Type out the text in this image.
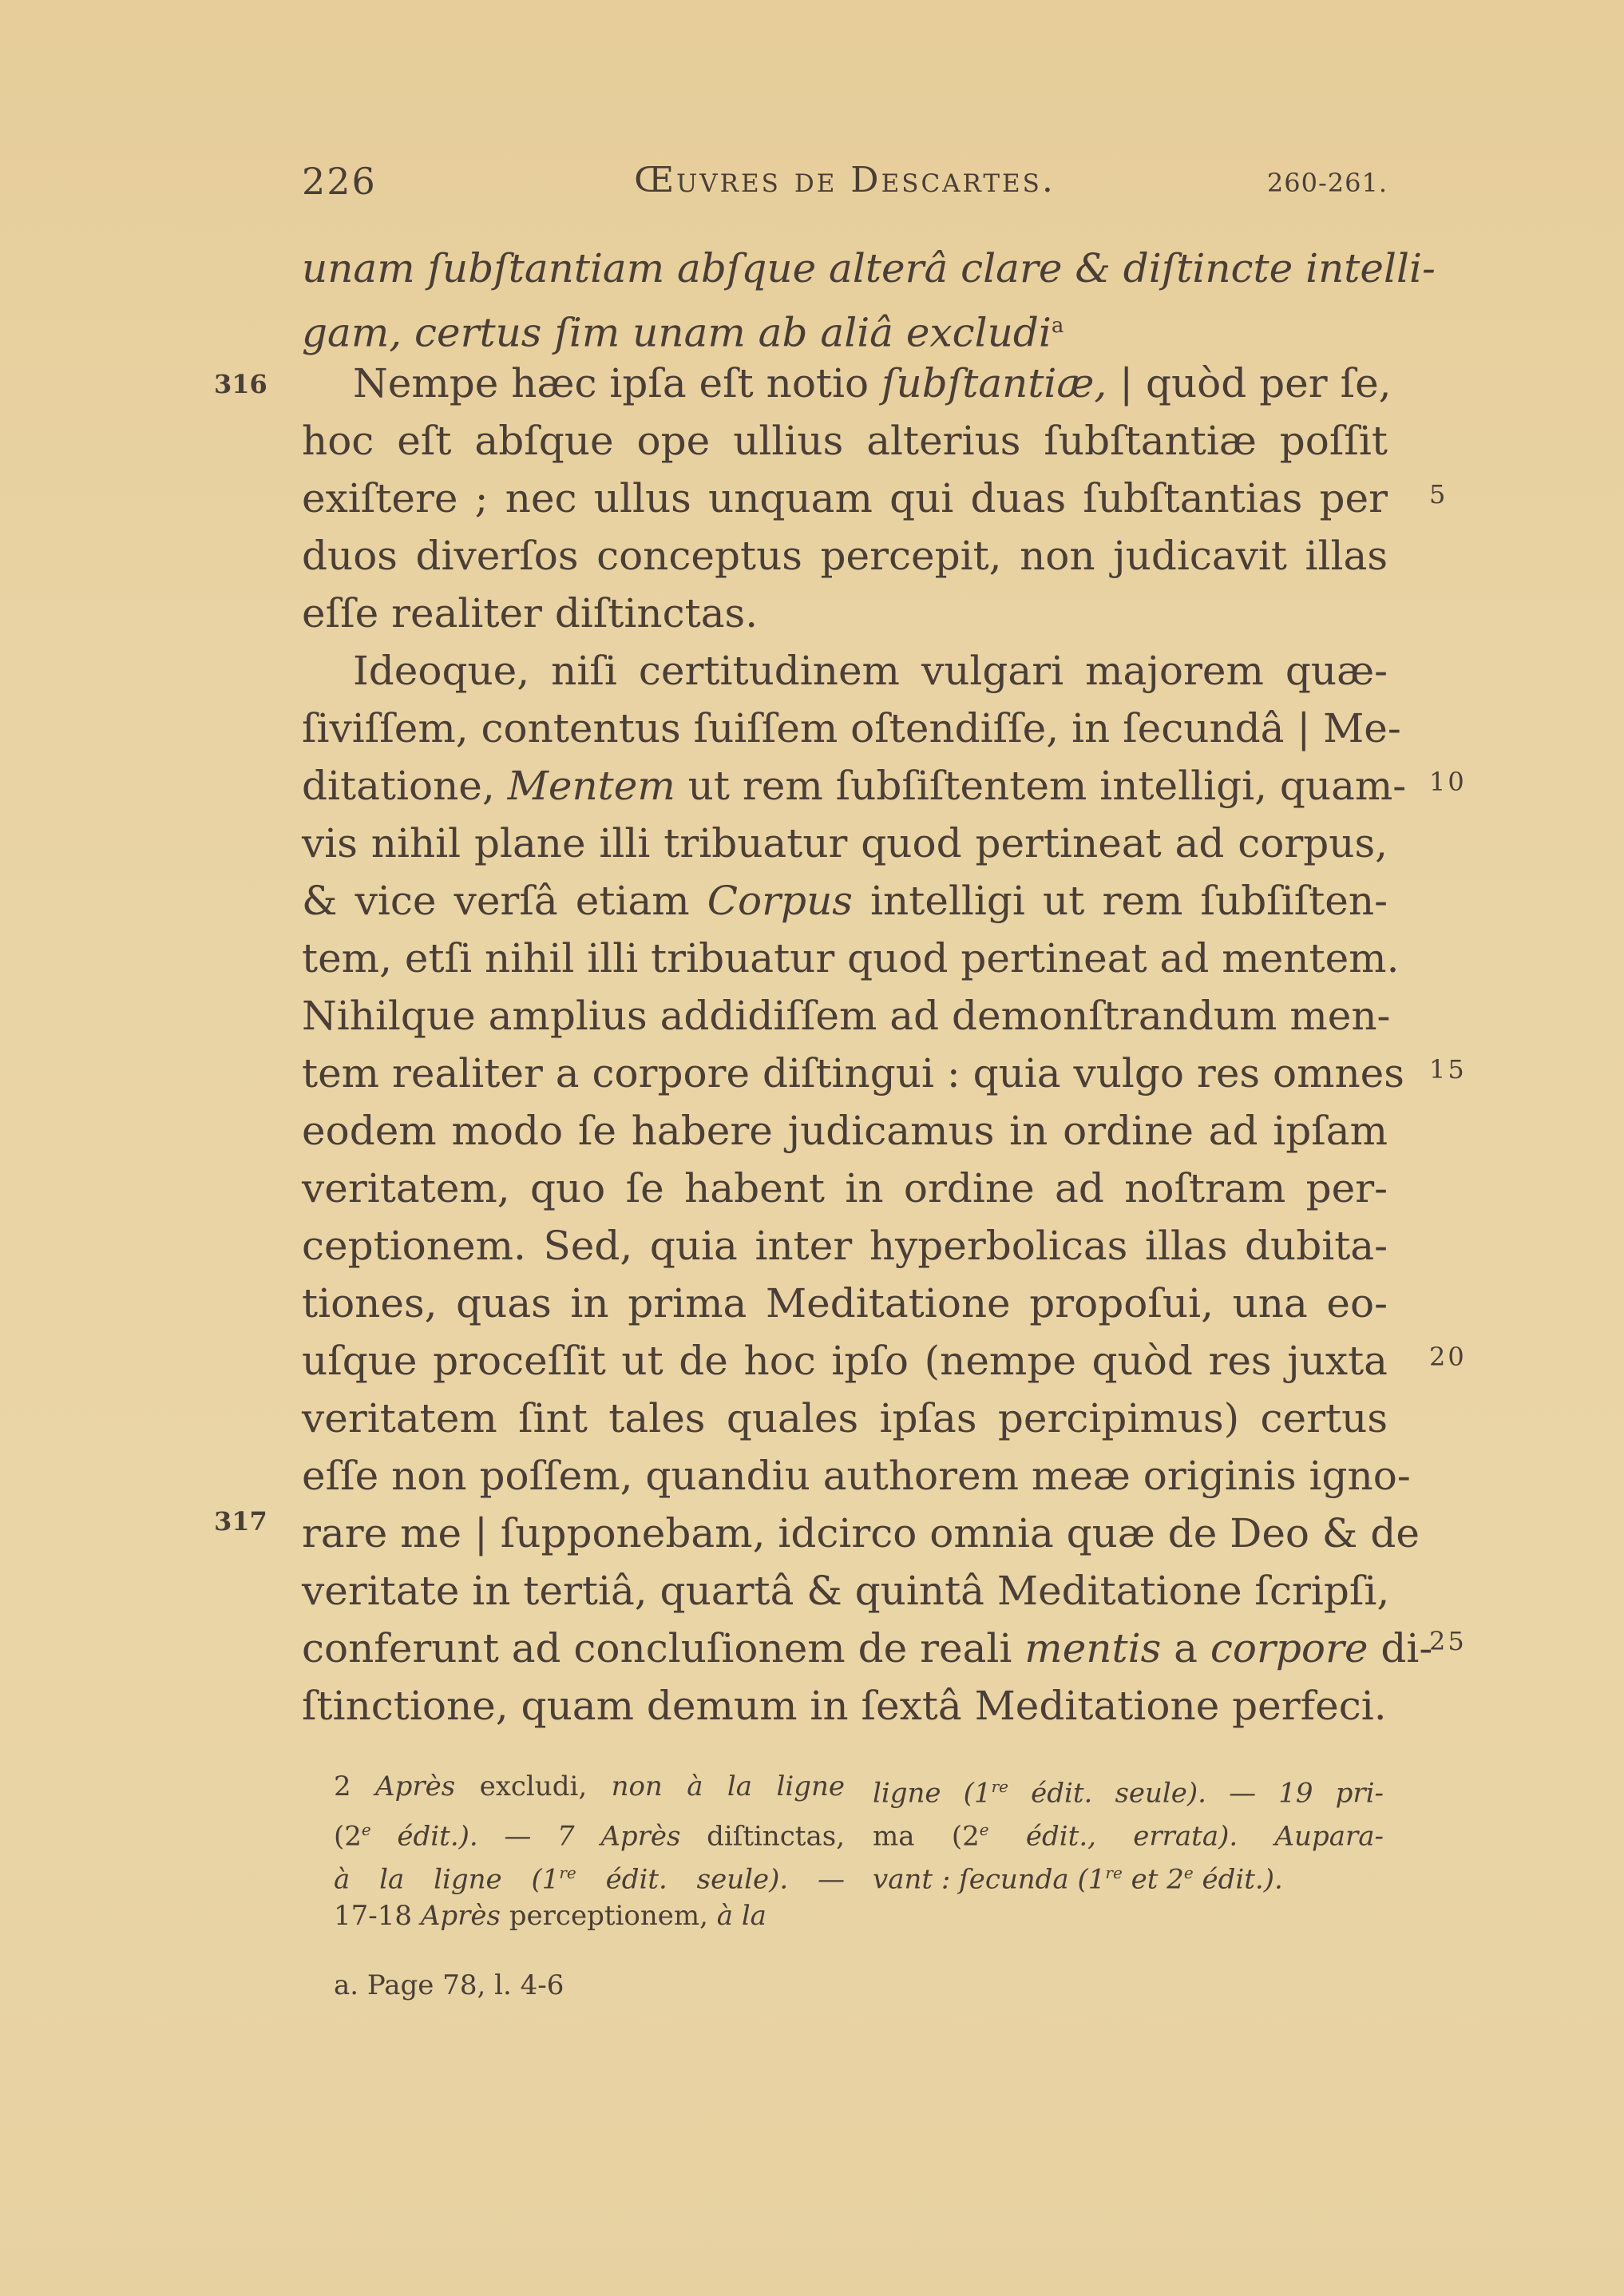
226	Œuvres de Descartes.	260-261.
316
317
5
10
15
20
25
unam ſubſtantiam abſque alterâ clare & diſtincte intelli-
gam, certus ſim unam ab aliâ excludi$^a$
Nempe hæc ipſa eſt notio ſubſtantiæ, | quòd per ſe,
hoc eſt abſque ope ullius alterius ſubſtantiæ poſſit
exiſtere ; nec ullus unquam qui duas ſubſtantias per
duos diverſos conceptus percepit, non judicavit illas
eſſe realiter diſtinctas.
Ideoque, niſi certitudinem vulgari majorem quæ-
ſiviſſem, contentus ſuiſſem oſtendiſſe, in ſecundâ | Me-
ditatione, Mentem ut rem ſubſiſtentem intelligi, quam-
vis nihil plane illi tribuatur quod pertineat ad corpus,
& vice verſâ etiam Corpus intelligi ut rem ſubſiſten-
tem, etſi nihil illi tribuatur quod pertineat ad mentem.
Nihilque amplius addidiſſem ad demonſtrandum men-
tem realiter a corpore diſtingui : quia vulgo res omnes
eodem modo ſe habere judicamus in ordine ad ipſam
veritatem, quo ſe habent in ordine ad noſtram per-
ceptionem. Sed, quia inter hyperbolicas illas dubita-
tiones, quas in prima Meditatione propoſui, una eo-
uſque proceſſit ut de hoc ipſo (nempe quòd res juxta
veritatem ſint tales quales ipſas percipimus) certus
eſſe non poſſem, quandiu authorem meæ originis igno-
rare me | ſupponebam, idcirco omnia quæ de Deo & de
veritate in tertiâ, quartâ & quintâ Meditatione ſcripſi,
conferunt ad concluſionem de reali mentis a corpore di-
ſtinctione, quam demum in ſextâ Meditatione perfeci.
2 Après excludi, non à la ligne
(2e édit.). — 7 Après diſtinctas,
à la ligne (1re édit. seule). —
17-18 Après perceptionem, à la
ligne (1re édit. seule). — 19 pri-
ma (2e édit., errata). Aupara-
vant : ſecunda (1re et 2e édit.).
a. Page 78, l. 4-6
